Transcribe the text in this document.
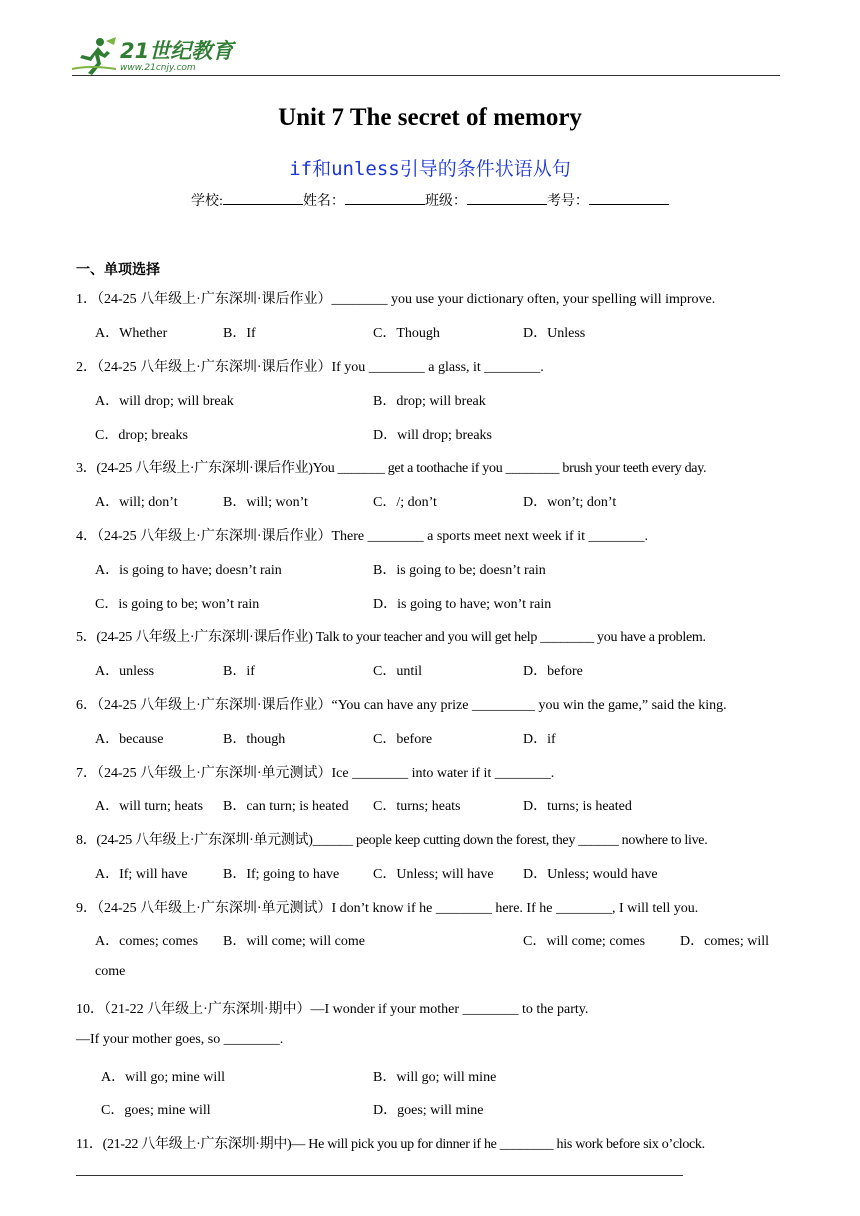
21世纪教育
www.21cnjy.com
Unit 7 The secret of memory
if和unless引导的条件状语从句
学校:	姓名：	班级：	考号：
一、单项选择
1．（24-25 八年级上·广东深圳·课后作业）________ you use your dictionary often, your spelling will improve.
A．Whether	B．If	C．Though	D．Unless
2．（24-25 八年级上·广东深圳·课后作业）If you ________ a glass, it ________.
A．will drop; will break	B．drop; will break
C．drop; breaks	D．will drop; breaks
3．(24-25 八年级上·广东深圳·课后作业)You _______ get a toothache if you ________ brush your teeth every day.
A．will; don’t	B．will; won’t	C．/; don’t	D．won’t; don’t
4．（24-25 八年级上·广东深圳·课后作业）There ________ a sports meet next week if it ________.
A．is going to have; doesn’t rain	B．is going to be; doesn’t rain
C．is going to be; won’t rain	D．is going to have; won’t rain
5．(24-25 八年级上·广东深圳·课后作业) Talk to your teacher and you will get help ________ you have a problem.
A．unless	B．if	C．until	D．before
6．（24-25 八年级上·广东深圳·课后作业）“You can have any prize _________ you win the game,” said the king.
A．because	B．though	C．before	D．if
7．（24-25 八年级上·广东深圳·单元测试）Ice ________ into water if it ________.
A．will turn; heats B．can turn; is heated C．turns; heats	D．turns; is heated
8．(24-25 八年级上·广东深圳·单元测试)______ people keep cutting down the forest, they ______ nowhere to live.
A．If; will have	B．If; going to have C．Unless; will have D．Unless; would have
9．（24-25 八年级上·广东深圳·单元测试）I don’t know if he ________ here. If he ________, I will tell you.
A．comes; comes B．will come; will come	C．will come; comes D．comes; will
come
10．（21-22 八年级上·广东深圳·期中）—I wonder if your mother ________ to the party.
—If your mother goes, so ________.
A．will go; mine will	B．will go; will mine
C．goes; mine will	D．goes; will mine
11．(21-22 八年级上·广东深圳·期中)— He will pick you up for dinner if he ________ his work before six o’clock.
